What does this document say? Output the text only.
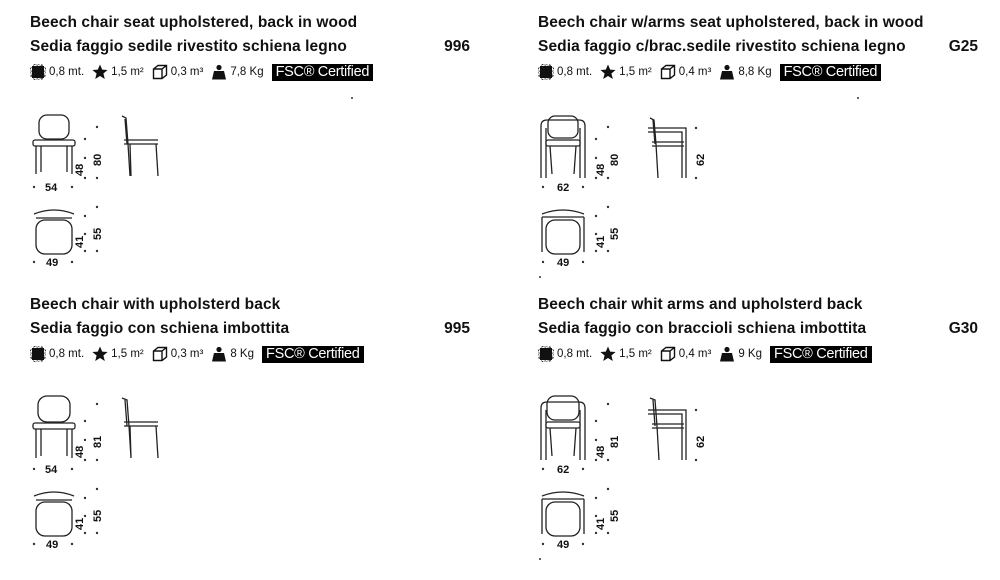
Beech chair seat upholstered, back in wood
Sedia faggio sedile rivestito schiena legno	996
0,8 mt. 1,5 m² 0,3 m³ 7,8 Kg FSC® Certified
54
48
80
49
41
55
Beech chair w/arms seat upholstered, back in wood
Sedia faggio c/brac.sedile rivestito schiena legno	G25
0,8 mt. 1,5 m² 0,4 m³ 8,8 Kg FSC® Certified
62
48
80	62
49
41
55
Beech chair with upholsterd back
Sedia faggio con schiena imbottita	995
0,8 mt. 1,5 m² 0,3 m³ 8 Kg FSC® Certified
54
48
81
49
41
55
Beech chair whit arms and upholsterd back
Sedia faggio con braccioli schiena imbottita	G30
0,8 mt. 1,5 m² 0,4 m³ 9 Kg FSC® Certified
62
48
81	62
49
41
55
